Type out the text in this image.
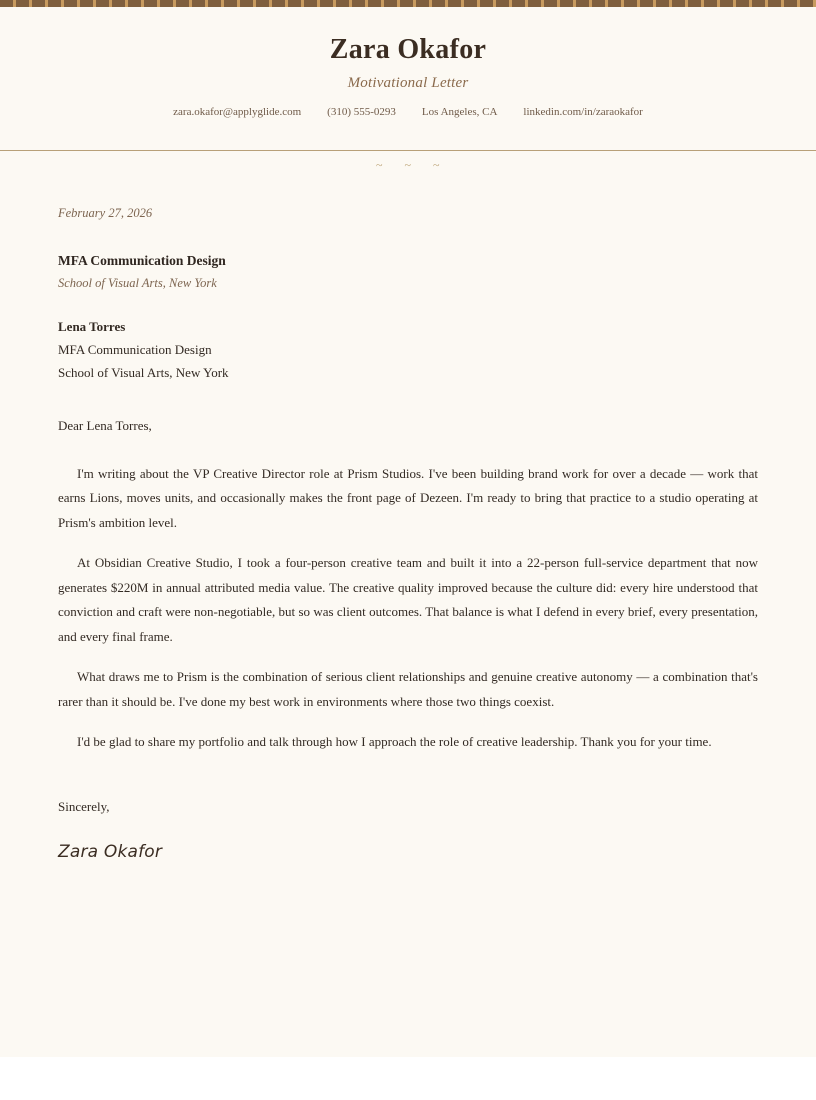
Zara Okafor
Motivational Letter
zara.okafor@applyglide.com	(310) 555-0293	Los Angeles, CA	linkedin.com/in/zaraokafor
~ ~ ~
February 27, 2026
MFA Communication Design
School of Visual Arts, New York
Lena Torres
MFA Communication Design
School of Visual Arts, New York
Dear Lena Torres,

I'm writing about the VP Creative Director role at Prism Studios. I've been building brand work for over a decade — work that earns Lions, moves units, and occasionally makes the front page of Dezeen. I'm ready to bring that practice to a studio operating at Prism's ambition level.

At Obsidian Creative Studio, I took a four-person creative team and built it into a 22-person full-service department that now generates $220M in annual attributed media value. The creative quality improved because the culture did: every hire understood that conviction and craft were non-negotiable, but so was client outcomes. That balance is what I defend in every brief, every presentation, and every final frame.

What draws me to Prism is the combination of serious client relationships and genuine creative autonomy — a combination that's rarer than it should be. I've done my best work in environments where those two things coexist.

I'd be glad to share my portfolio and talk through how I approach the role of creative leadership. Thank you for your time.

Sincerely,
Zara Okafor
